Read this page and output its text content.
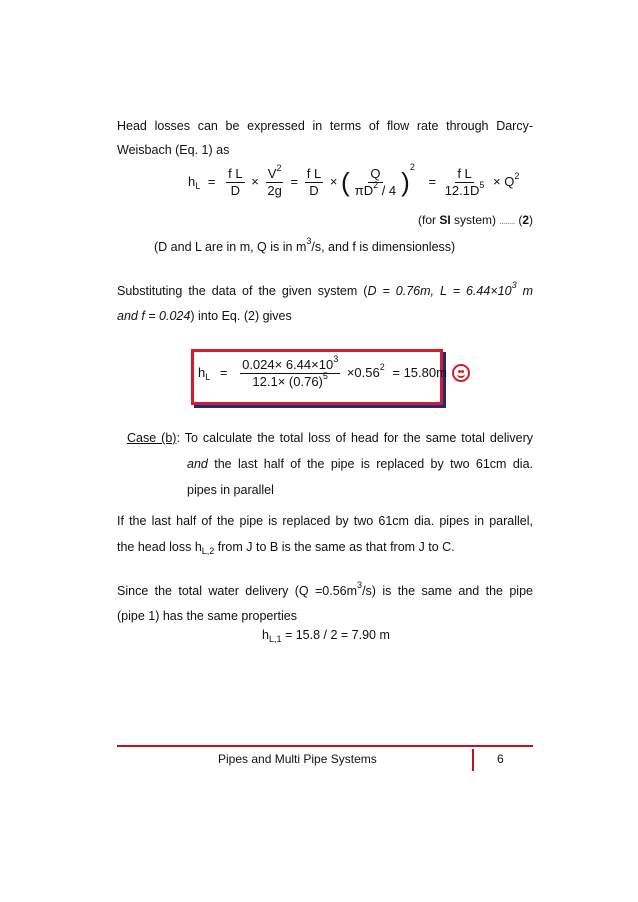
Head losses can be expressed in terms of flow rate through Darcy-
Weisbach (Eq. 1) as
$h_L = \frac{\text{f L}}{D} \times \frac{V^2}{2g} = \frac{\text{f L}}{D}$ × ( $\frac{Q}{\pi D^2 / 4} )^2 = \frac{\text{f L}}{12.1D^5} \times Q^2$
(for SI system) ........ (2)
(D and L are in m, Q is in $m^3/s$, and f is dimensionless)
Substituting the data of the given system (D = 0.76m, $L = 6.44\times 10^3$ m
and f = 0.024) into Eq. (2) gives
$h_L = \frac{0.024\times 6.44\times 10^3}{12.1\times (0.76)^5} \times 0.56^2 = 15.80m$
Case (b): To calculate the total loss of head for the same total delivery
and the last half of the pipe is replaced by two 61cm dia.
pipes in parallel
If the last half of the pipe is replaced by two 61cm dia. pipes in parallel,
the head loss $h_{L,2}$ from J to B is the same as that from J to C.
Since the total water delivery $(Q =0.56m^3/s)$ is the same and the pipe
(pipe 1) has the same properties
$h_{L,1} = 15.8 / 2 = 7.90$ m
Pipes and Multi Pipe Systems	6
